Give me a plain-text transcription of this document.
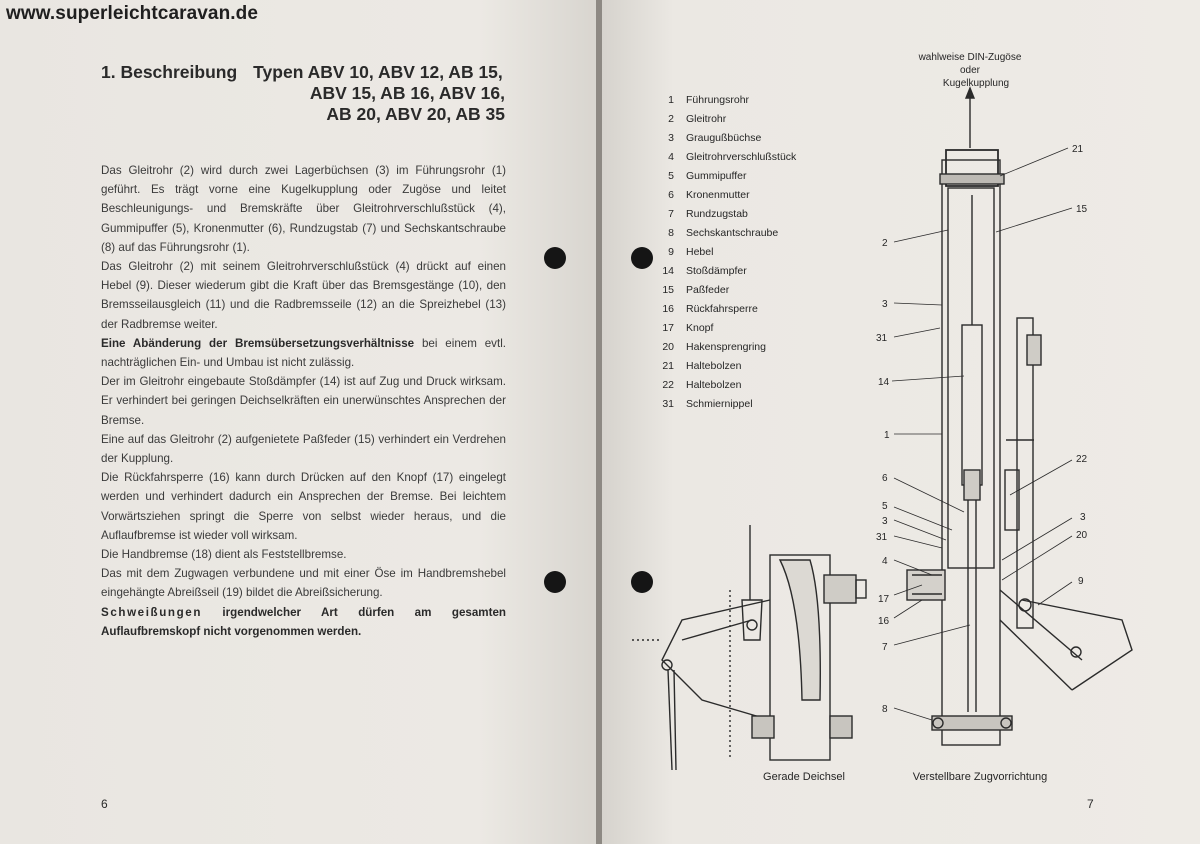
www.superleichtcaravan.de
1. Beschreibung Typen ABV 10, ABV 12, AB 15,
ABV 15, AB 16, ABV 16,
AB 20, ABV 20, AB 35

Das Gleitrohr (2) wird durch zwei Lagerbüchsen (3) im Führungsrohr (1) geführt. Es trägt vorne eine Kugelkupplung oder Zugöse und leitet Beschleunigungs- und Bremskräfte über Gleitrohrverschlußstück (4), Gummipuffer (5), Kronenmutter (6), Rundzugstab (7) und Sechskantschraube (8) auf das Führungsrohr (1).

Das Gleitrohr (2) mit seinem Gleitrohrverschlußstück (4) drückt auf einen Hebel (9). Dieser wiederum gibt die Kraft über das Bremsgestänge (10), den Bremsseilausgleich (11) und die Radbremsseile (12) an die Spreizhebel (13) der Radbremse weiter.

Eine Abänderung der Bremsübersetzungsverhältnisse bei einem evtl. nachträglichen Ein- und Umbau ist nicht zulässig.

Der im Gleitrohr eingebaute Stoßdämpfer (14) ist auf Zug und Druck wirksam. Er verhindert bei geringen Deichselkräften ein unerwünschtes Ansprechen der Bremse.

Eine auf das Gleitrohr (2) aufgenietete Paßfeder (15) verhindert ein Verdrehen der Kupplung.

Die Rückfahrsperre (16) kann durch Drücken auf den Knopf (17) eingelegt werden und verhindert dadurch ein Ansprechen der Bremse. Bei leichtem Vorwärtsziehen springt die Sperre von selbst wieder heraus, und die Auflaufbremse ist wieder voll wirksam.

Die Handbremse (18) dient als Feststellbremse.

Das mit dem Zugwagen verbundene und mit einer Öse im Handbremshebel eingehängte Abreißseil (19) bildet die Abreißsicherung.

Schweißungen irgendwelcher Art dürfen am gesamten Auflaufbremskopf nicht vorgenommen werden.

6	7
1 Führungsrohr
2 Gleitrohr
3 Graugußbüchse
4 Gleitrohrverschlußstück
5 Gummipuffer
6 Kronenmutter
7 Rundzugstab
8 Sechskantschraube
9 Hebel
14 Stoßdämpfer
15 Paßfeder
16 Rückfahrsperre
17 Knopf
20 Hakensprengring
21 Haltebolzen
22 Haltebolzen
31 Schmiernippel
wahlweise DIN-Zugöse
oder
Kugelkupplung
21
15
2
3
31
14
1
22
6
5
3
31
4
3
20
9
17
16
7
8
Gerade Deichsel	Verstellbare Zugvorrichtung
